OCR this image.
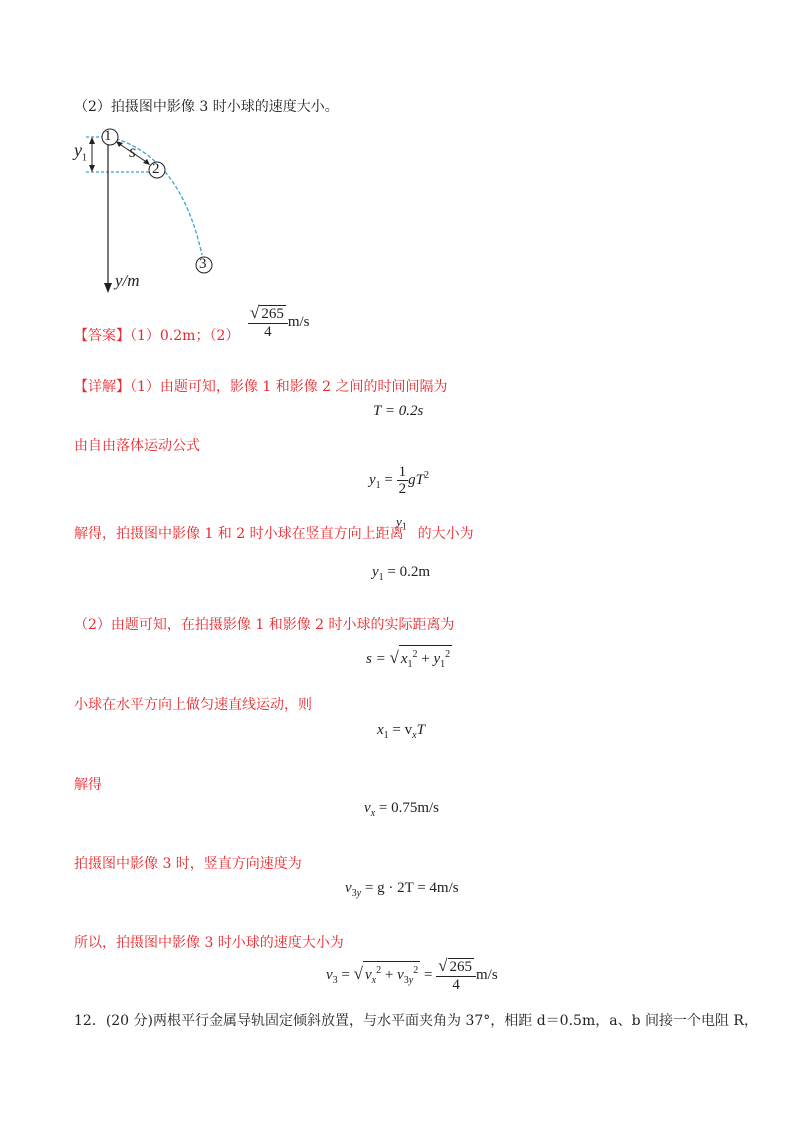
（2）拍摄图中影像 3 时小球的速度大小。
1
2
3
$y_1$ s
y/m
【答案】（1）0.2m；$(2) \frac{√ 265}{4} m/s$
【详解】（1）由题可知，影像 1 和影像 2 之间的时间间隔为
T = 0.2s
由自由落体运动公式
$y_1 = \frac{1}{2} gT^2$
解得，拍摄图中影像 1 和 2 时小球在竖直方向上距离 的大小为
$y_1$
$y_1 = 0.2m$
（2）由题可知，在拍摄影像 1 和影像 2 时小球的实际距离为
s = √ $x_1^2 + y_1^2$
小球在水平方向上做匀速直线运动，则
$x_1 = v_xT$
解得
$v_x = 0.75m/s$
拍摄图中影像 3 时，竖直方向速度为
$v_{3y} = g \cdot 2T = 4m/s$
所以，拍摄图中影像 3 时小球的速度大小为
$v_3$ = √ $v_x^2 + v_{3y}^2 = \frac{√ 265}{4} m/s$
12．(20 分)两根平行金属导轨固定倾斜放置，与水平面夹角为 37°，相距 d＝0.5m，a、b 间接一个电阻 R，
